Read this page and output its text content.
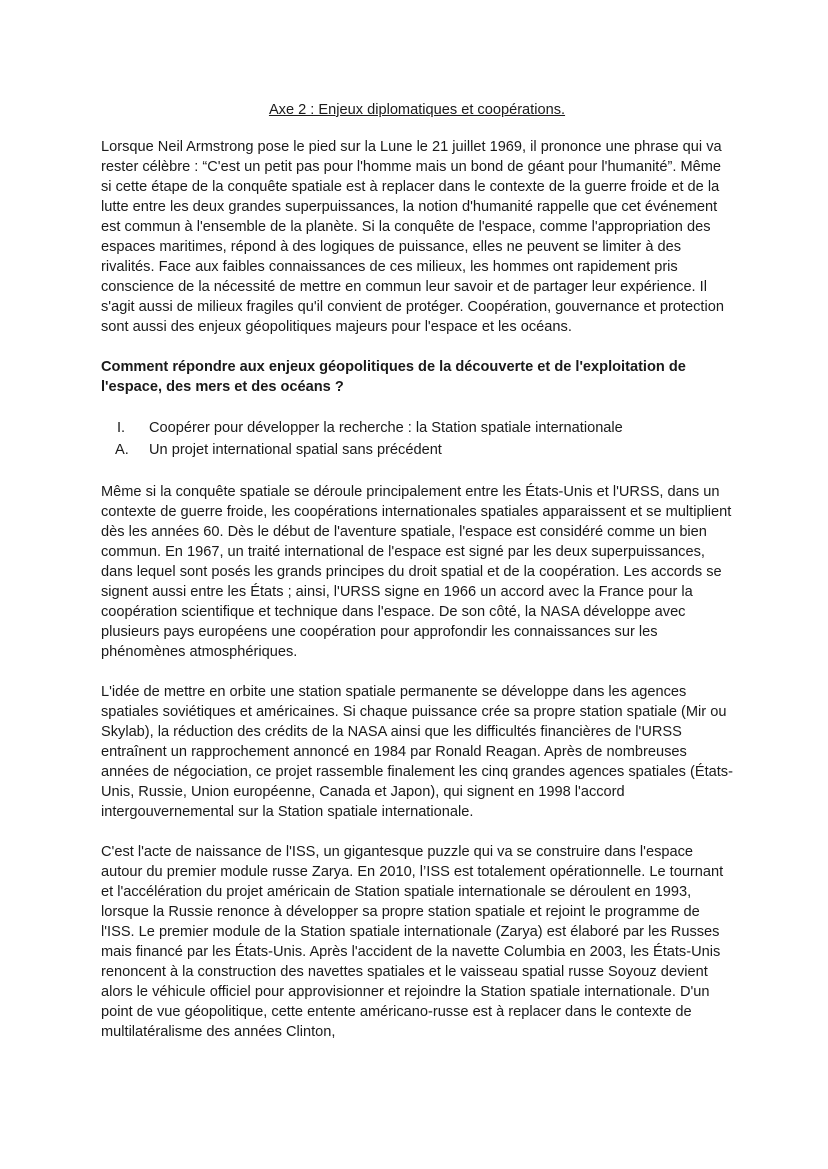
Axe 2 : Enjeux diplomatiques et coopérations.

Lorsque Neil Armstrong pose le pied sur la Lune le 21 juillet 1969, il prononce une phrase qui va rester célèbre : “C'est un petit pas pour l'homme mais un bond de géant pour l'humanité”. Même si cette étape de la conquête spatiale est à replacer dans le contexte de la guerre froide et de la lutte entre les deux grandes superpuissances, la notion d'humanité rappelle que cet événement est commun à l'ensemble de la planète. Si la conquête de l'espace, comme l'appropriation des espaces maritimes, répond à des logiques de puissance, elles ne peuvent se limiter à des rivalités. Face aux faibles connaissances de ces milieux, les hommes ont rapidement pris conscience de la nécessité de mettre en commun leur savoir et de partager leur expérience. Il s'agit aussi de milieux fragiles qu'il convient de protéger. Coopération, gouvernance et protection sont aussi des enjeux géopolitiques majeurs pour l'espace et les océans.

Comment répondre aux enjeux géopolitiques de la découverte et de l'exploitation de l'espace, des mers et des océans ?

I.	Coopérer pour développer la recherche : la Station spatiale internationale
A.	Un projet international spatial sans précédent

Même si la conquête spatiale se déroule principalement entre les États-Unis et l'URSS, dans un contexte de guerre froide, les coopérations internationales spatiales apparaissent et se multiplient dès les années 60. Dès le début de l'aventure spatiale, l'espace est considéré comme un bien commun. En 1967, un traité international de l'espace est signé par les deux superpuissances, dans lequel sont posés les grands principes du droit spatial et de la coopération. Les accords se signent aussi entre les États ; ainsi, l'URSS signe en 1966 un accord avec la France pour la coopération scientifique et technique dans l'espace. De son côté, la NASA développe avec plusieurs pays européens une coopération pour approfondir les connaissances sur les phénomènes atmosphériques.

L'idée de mettre en orbite une station spatiale permanente se développe dans les agences spatiales soviétiques et américaines. Si chaque puissance crée sa propre station spatiale (Mir ou Skylab), la réduction des crédits de la NASA ainsi que les difficultés financières de l'URSS entraînent un rapprochement annoncé en 1984 par Ronald Reagan. Après de nombreuses années de négociation, ce projet rassemble finalement les cinq grandes agences spatiales (États-Unis, Russie, Union européenne, Canada et Japon), qui signent en 1998 l'accord intergouvernemental sur la Station spatiale internationale.

C'est l'acte de naissance de l'ISS, un gigantesque puzzle qui va se construire dans l'espace autour du premier module russe Zarya. En 2010, l’ISS est totalement opérationnelle. Le tournant et l'accélération du projet américain de Station spatiale internationale se déroulent en 1993, lorsque la Russie renonce à développer sa propre station spatiale et rejoint le programme de l'ISS. Le premier module de la Station spatiale internationale (Zarya) est élaboré par les Russes mais financé par les États-Unis. Après l'accident de la navette Columbia en 2003, les États-Unis renoncent à la construction des navettes spatiales et le vaisseau spatial russe Soyouz devient alors le véhicule officiel pour approvisionner et rejoindre la Station spatiale internationale. D'un point de vue géopolitique, cette entente américano-russe est à replacer dans le contexte de multilatéralisme des années Clinton,
